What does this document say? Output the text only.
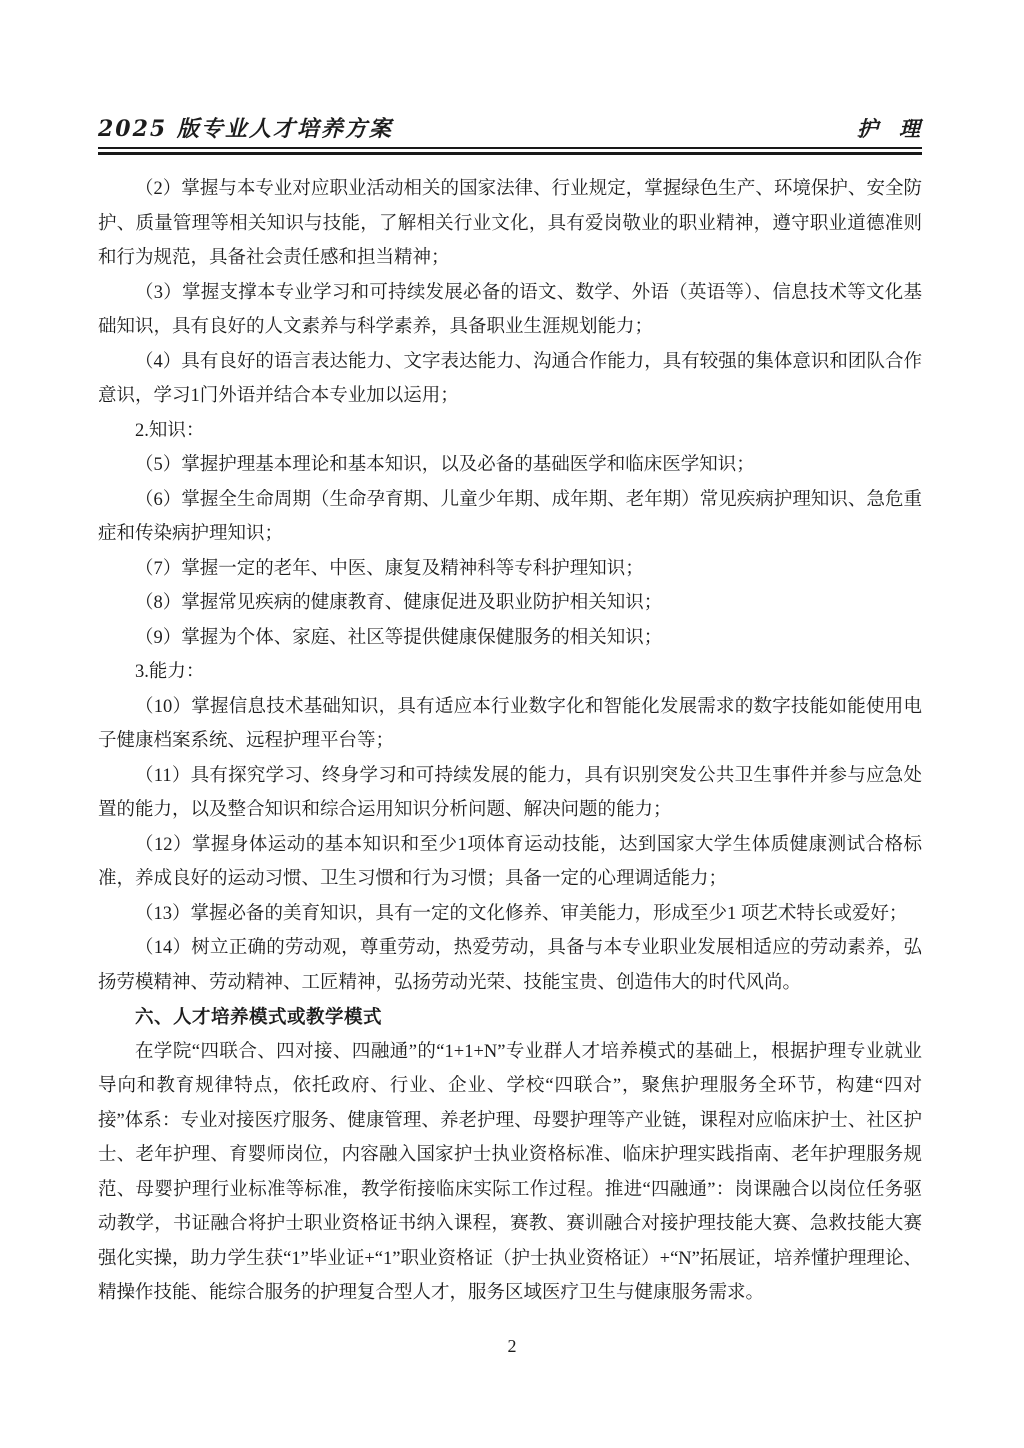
2025 版专业人才培养方案	护　理

（2）掌握与本专业对应职业活动相关的国家法律、行业规定，掌握绿色生产、环境保护、安全防护、质量管理等相关知识与技能，了解相关行业文化，具有爱岗敬业的职业精神，遵守职业道德准则和行为规范，具备社会责任感和担当精神；

（3）掌握支撑本专业学习和可持续发展必备的语文、数学、外语（英语等）、信息技术等文化基础知识，具有良好的人文素养与科学素养，具备职业生涯规划能力；

（4）具有良好的语言表达能力、文字表达能力、沟通合作能力，具有较强的集体意识和团队合作意识，学习1门外语并结合本专业加以运用；

2.知识：

（5）掌握护理基本理论和基本知识，以及必备的基础医学和临床医学知识；

（6）掌握全生命周期（生命孕育期、儿童少年期、成年期、老年期）常见疾病护理知识、急危重症和传染病护理知识；

（7）掌握一定的老年、中医、康复及精神科等专科护理知识；

（8）掌握常见疾病的健康教育、健康促进及职业防护相关知识；

（9）掌握为个体、家庭、社区等提供健康保健服务的相关知识；

3.能力：

（10）掌握信息技术基础知识，具有适应本行业数字化和智能化发展需求的数字技能如能使用电子健康档案系统、远程护理平台等；

（11）具有探究学习、终身学习和可持续发展的能力，具有识别突发公共卫生事件并参与应急处置的能力，以及整合知识和综合运用知识分析问题、解决问题的能力；

（12）掌握身体运动的基本知识和至少1项体育运动技能，达到国家大学生体质健康测试合格标准，养成良好的运动习惯、卫生习惯和行为习惯；具备一定的心理调适能力；

（13）掌握必备的美育知识，具有一定的文化修养、审美能力，形成至少1 项艺术特长或爱好；

（14）树立正确的劳动观，尊重劳动，热爱劳动，具备与本专业职业发展相适应的劳动素养，弘扬劳模精神、劳动精神、工匠精神，弘扬劳动光荣、技能宝贵、创造伟大的时代风尚。

六、人才培养模式或教学模式

在学院“四联合、四对接、四融通”的“1+1+N”专业群人才培养模式的基础上，根据护理专业就业导向和教育规律特点，依托政府、行业、企业、学校“四联合”，聚焦护理服务全环节，构建“四对接”体系：专业对接医疗服务、健康管理、养老护理、母婴护理等产业链，课程对应临床护士、社区护士、老年护理、育婴师岗位，内容融入国家护士执业资格标准、临床护理实践指南、老年护理服务规范、母婴护理行业标准等标准，教学衔接临床实际工作过程。推进“四融通”：岗课融合以岗位任务驱动教学，书证融合将护士职业资格证书纳入课程，赛教、赛训融合对接护理技能大赛、急救技能大赛强化实操，助力学生获“1”毕业证+“1”职业资格证（护士执业资格证）+“N”拓展证，培养懂护理理论、精操作技能、能综合服务的护理复合型人才，服务区域医疗卫生与健康服务需求。

2
